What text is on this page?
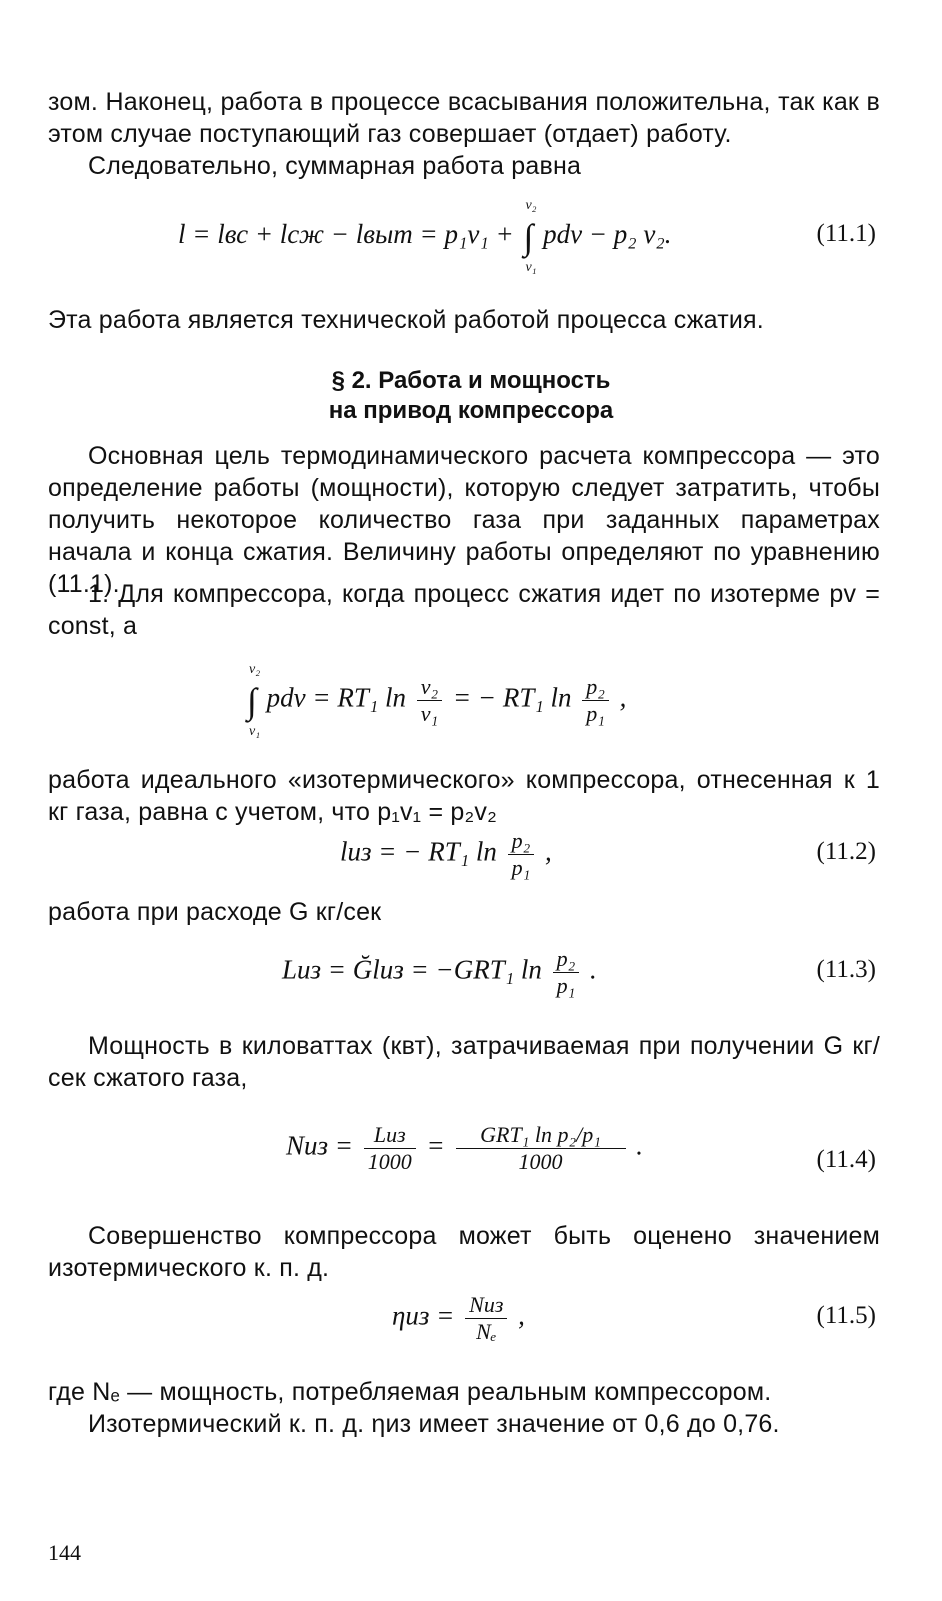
зом. Наконец, работа в процессе всасывания положительна, так как в этом случае поступающий газ совершает (отдает) работу.
Следовательно, суммарная работа равна
l = lвс + lсж − lвыт = p₁v₁ + ∫
v₂
v₁
pdv − p₂ v₂.	(11.1)
Эта работа является технической работой процесса сжатия.
§ 2. Работа и мощность
на привод компрессора
Основная цель термодинамического расчета компрессора — это определение работы (мощности), которую следует затратить, чтобы получить некоторое количество газа при заданных параметрах начала и конца сжатия. Величину работы определяют по уравнению (11.1).
1. Для компрессора, когда процесс сжатия идет по изотерме pv = const, а
∫
v₂
v₁
pdv = RT₁ $\ln \frac{\text{v₂}}{\text{v₁}}$ = − RT₁ $\ln \frac{\text{p₂}}{\text{p₁}}$ ,
работа идеального «изотермического» компрессора, отнесенная к 1 кг газа, равна с учетом, что p₁v₁ = p₂v₂
lиз = − RT₁ $\ln \frac{\text{p₂}}{\text{p₁}}$ ,	(11.2)
работа при расходе G кг/сек
Lиз = Ğlиз = −GRT₁ $\ln \frac{\text{p₂}}{\text{p₁}}$ .	(11.3)
Мощность в киловаттах (квт), затрачиваемая при получении G кг/сек сжатого газа,
Nиз = $\frac{\text{Lиз}}{1000} = \frac{\text{GRT₁ ln p₂/p₁}}{1000}$ .	(11.4)
Совершенство компрессора может быть оценено значением изотермического к. п. д.
$\eta из = \frac{\text{Nиз}}{\text{Nₑ}}$ ,	(11.5)
где Nₑ — мощность, потребляемая реальным компрессором.
Изотермический к. п. д. ηиз имеет значение от 0,6 до 0,76.
144
